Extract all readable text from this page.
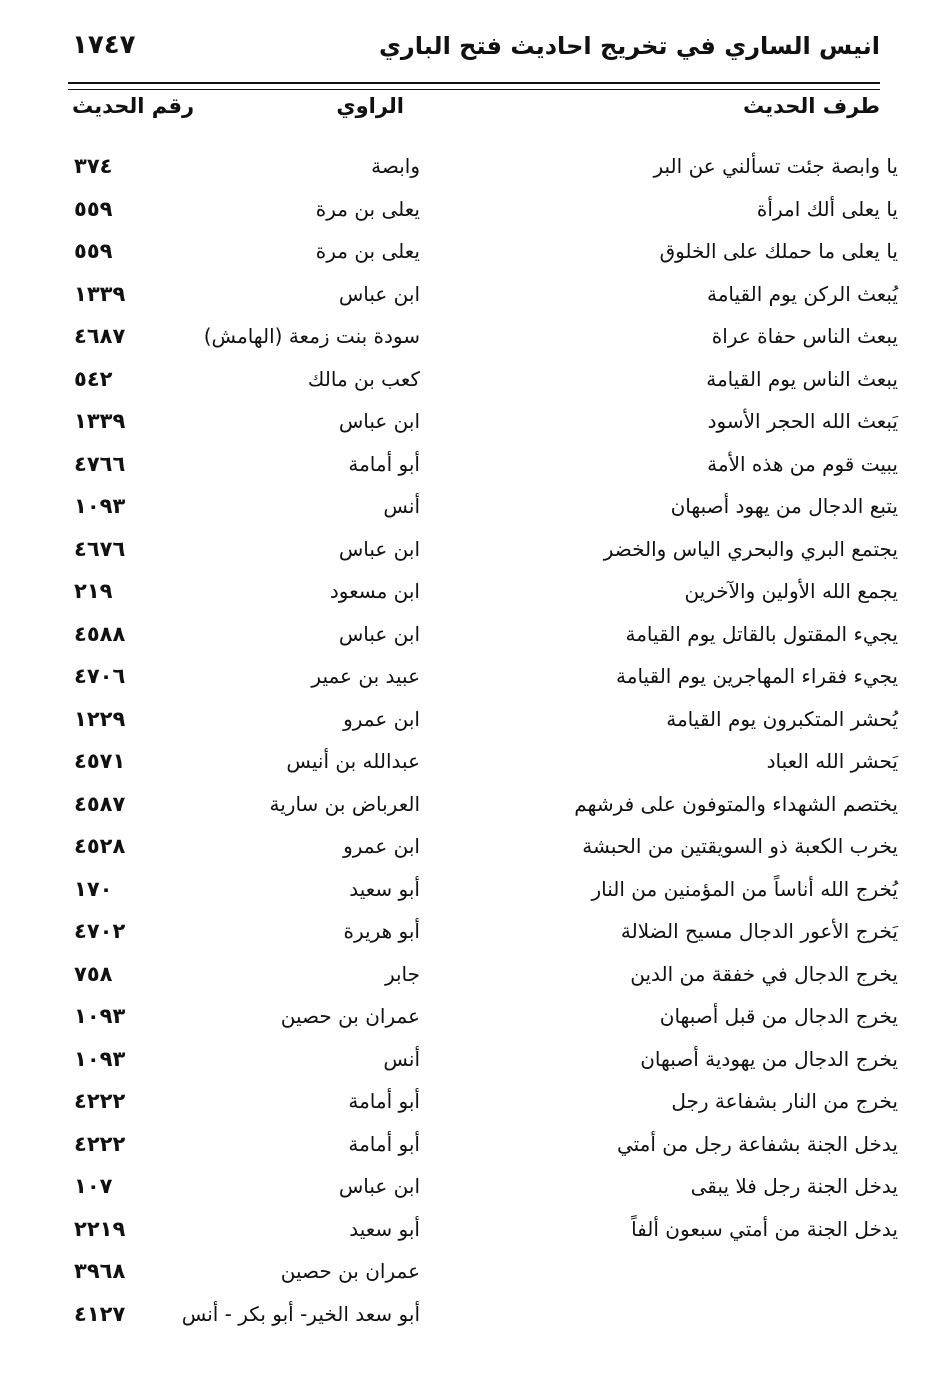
انيس الساري في تخريج احاديث فتح الباري
١٧٤٧
طرف الحديث
الراوي
رقم الحديث
يا وابصة جئت تسألني عن البر
وابصة
٣٧٤
يا يعلى ألك امرأة
يعلى بن مرة
٥٥٩
يا يعلى ما حملك على الخلوق
يعلى بن مرة
٥٥٩
يُبعث الركن يوم القيامة
ابن عباس
١٣٣٩
يبعث الناس حفاة عراة
سودة بنت زمعة (الهامش)
٤٦٨٧
يبعث الناس يوم القيامة
كعب بن مالك
٥٤٢
يَبعث الله الحجر الأسود
ابن عباس
١٣٣٩
يبيت قوم من هذه الأمة
أبو أمامة
٤٧٦٦
يتبع الدجال من يهود أصبهان
أنس
١٠٩٣
يجتمع البري والبحري الياس والخضر
ابن عباس
٤٦٧٦
يجمع الله الأولين والآخرين
ابن مسعود
٢١٩
يجيء المقتول بالقاتل يوم القيامة
ابن عباس
٤٥٨٨
يجيء فقراء المهاجرين يوم القيامة
عبيد بن عمير
٤٧٠٦
يُحشر المتكبرون يوم القيامة
ابن عمرو
١٢٢٩
يَحشر الله العباد
عبدالله بن أنيس
٤٥٧١
يختصم الشهداء والمتوفون على فرشهم
العرباض بن سارية
٤٥٨٧
يخرب الكعبة ذو السويقتين من الحبشة
ابن عمرو
٤٥٢٨
يُخرج الله أناساً من المؤمنين من النار
أبو سعيد
١٧٠
يَخرج الأعور الدجال مسيح الضلالة
أبو هريرة
٤٧٠٢
يخرج الدجال في خفقة من الدين
جابر
٧٥٨
يخرج الدجال من قبل أصبهان
عمران بن حصين
١٠٩٣
يخرج الدجال من يهودية أصبهان
أنس
١٠٩٣
يخرج من النار بشفاعة رجل
أبو أمامة
٤٢٢٢
يدخل الجنة بشفاعة رجل من أمتي
أبو أمامة
٤٢٢٢
يدخل الجنة رجل فلا يبقى
ابن عباس
١٠٧
يدخل الجنة من أمتي سبعون ألفاً
أبو سعيد
٢٢١٩
عمران بن حصين
٣٩٦٨
أبو سعد الخير- أبو بكر - أنس
٤١٢٧
